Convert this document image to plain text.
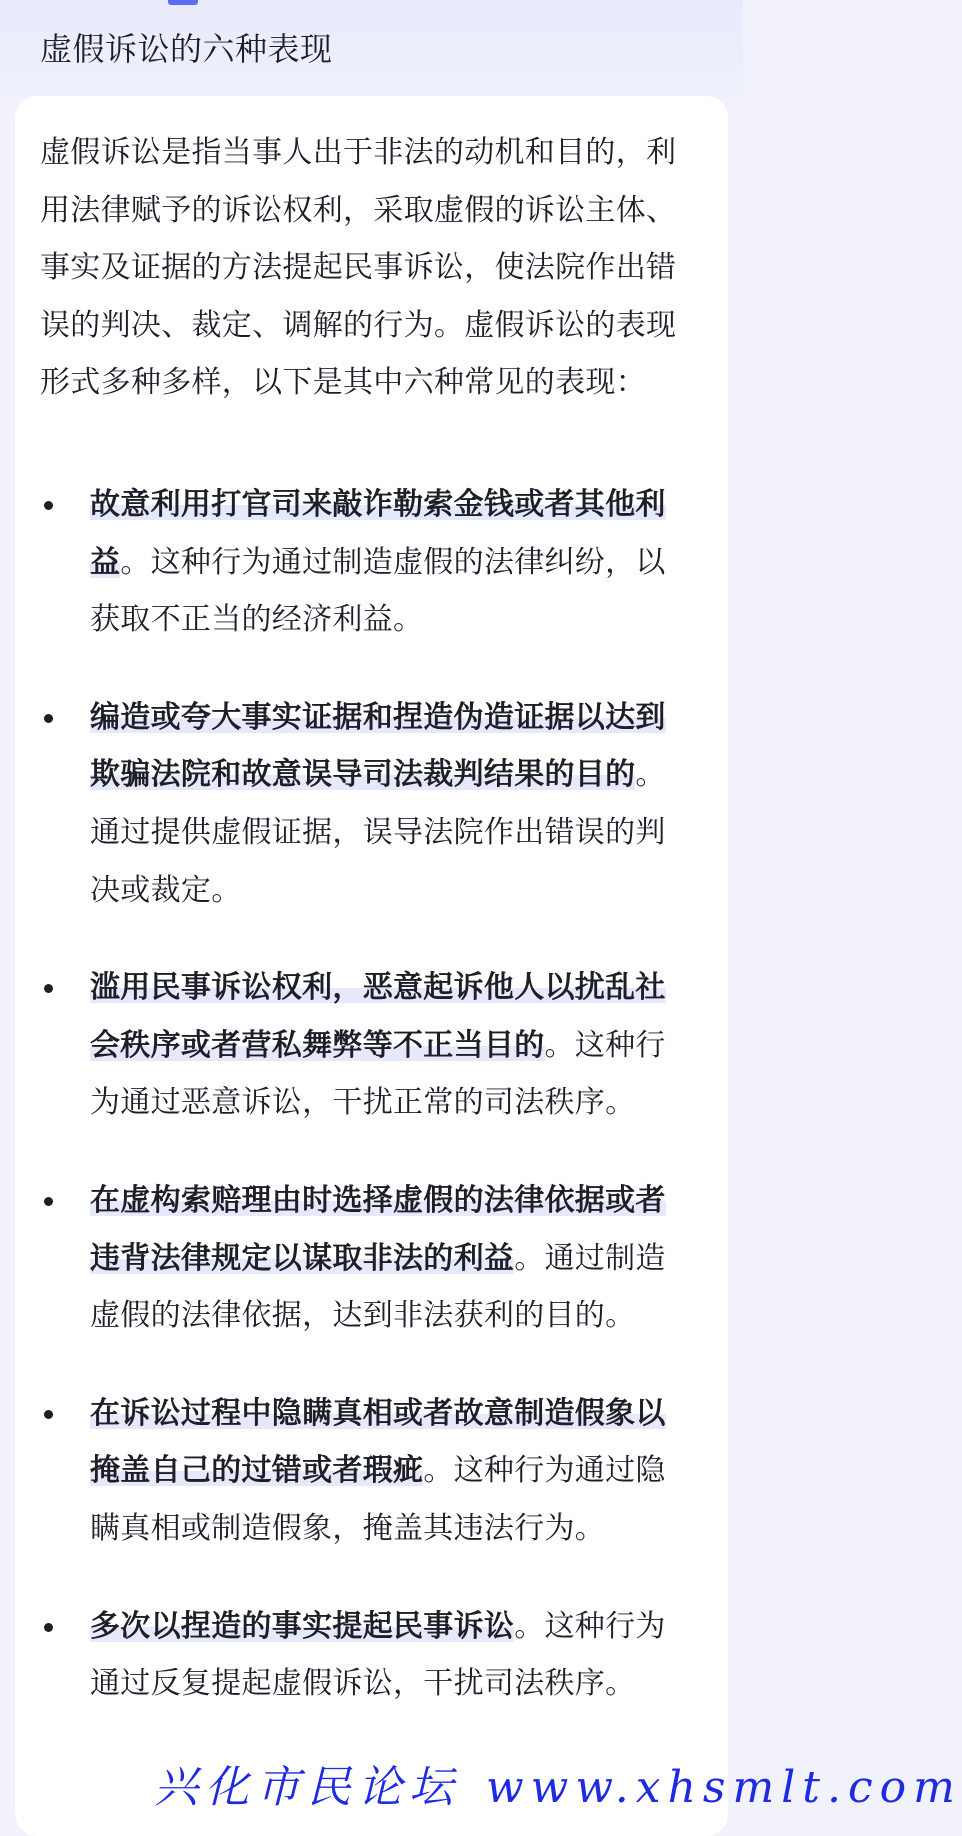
虚假诉讼的六种表现
虚假诉讼是指当事人出于非法的动机和目的，利用法律赋予的诉讼权利，采取虚假的诉讼主体、事实及证据的方法提起民事诉讼，使法院作出错误的判决、裁定、调解的行为。虚假诉讼的表现形式多种多样，以下是其中六种常见的表现：
故意利用打官司来敲诈勒索金钱或者其他利益。这种行为通过制造虚假的法律纠纷，以获取不正当的经济利益。
编造或夸大事实证据和捏造伪造证据以达到欺骗法院和故意误导司法裁判结果的目的。通过提供虚假证据，误导法院作出错误的判决或裁定。
滥用民事诉讼权利，恶意起诉他人以扰乱社会秩序或者营私舞弊等不正当目的。这种行为通过恶意诉讼，干扰正常的司法秩序。
在虚构索赔理由时选择虚假的法律依据或者违背法律规定以谋取非法的利益。通过制造虚假的法律依据，达到非法获利的目的。
在诉讼过程中隐瞒真相或者故意制造假象以掩盖自己的过错或者瑕疵。这种行为通过隐瞒真相或制造假象，掩盖其违法行为。
多次以捏造的事实提起民事诉讼。这种行为通过反复提起虚假诉讼，干扰司法秩序。
兴化市民论坛 www.xhsmlt.com
